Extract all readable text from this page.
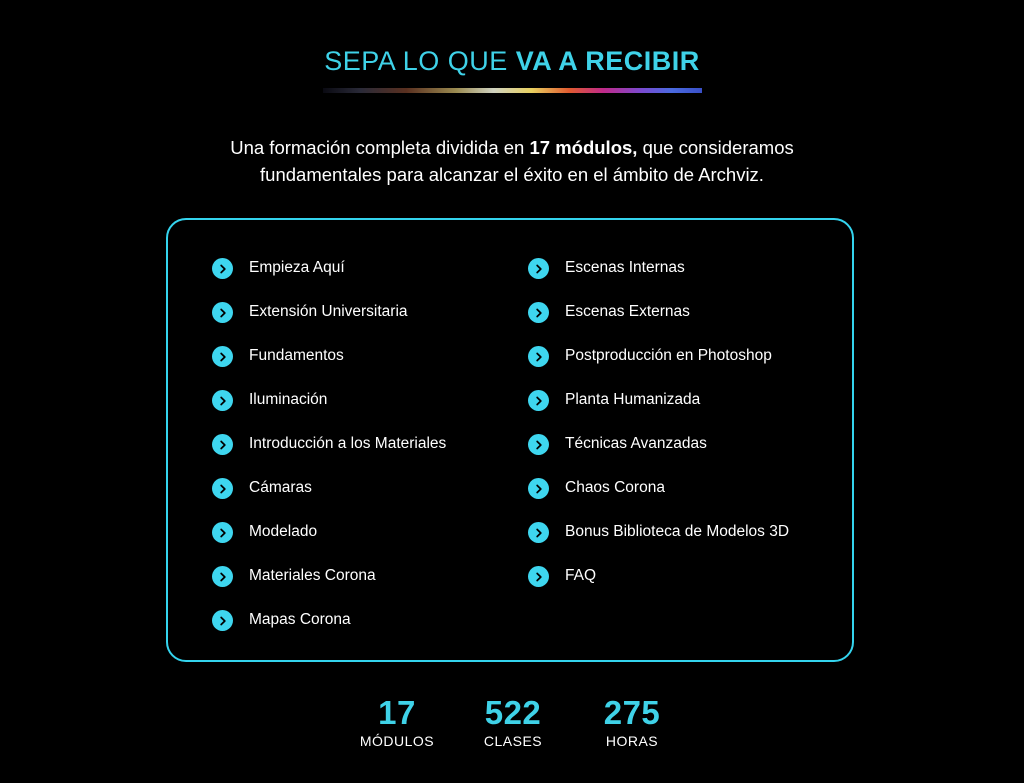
SEPA LO QUE VA A RECIBIR
Una formación completa dividida en 17 módulos, que consideramos
fundamentales para alcanzar el éxito en el ámbito de Archviz.
Empieza Aquí
Extensión Universitaria
Fundamentos
Iluminación
Introducción a los Materiales
Cámaras
Modelado
Materiales Corona
Mapas Corona
Escenas Internas
Escenas Externas
Postproducción en Photoshop
Planta Humanizada
Técnicas Avanzadas
Chaos Corona
Bonus Biblioteca de Modelos 3D
FAQ
17
MÓDULOS
522
CLASES
275
HORAS
